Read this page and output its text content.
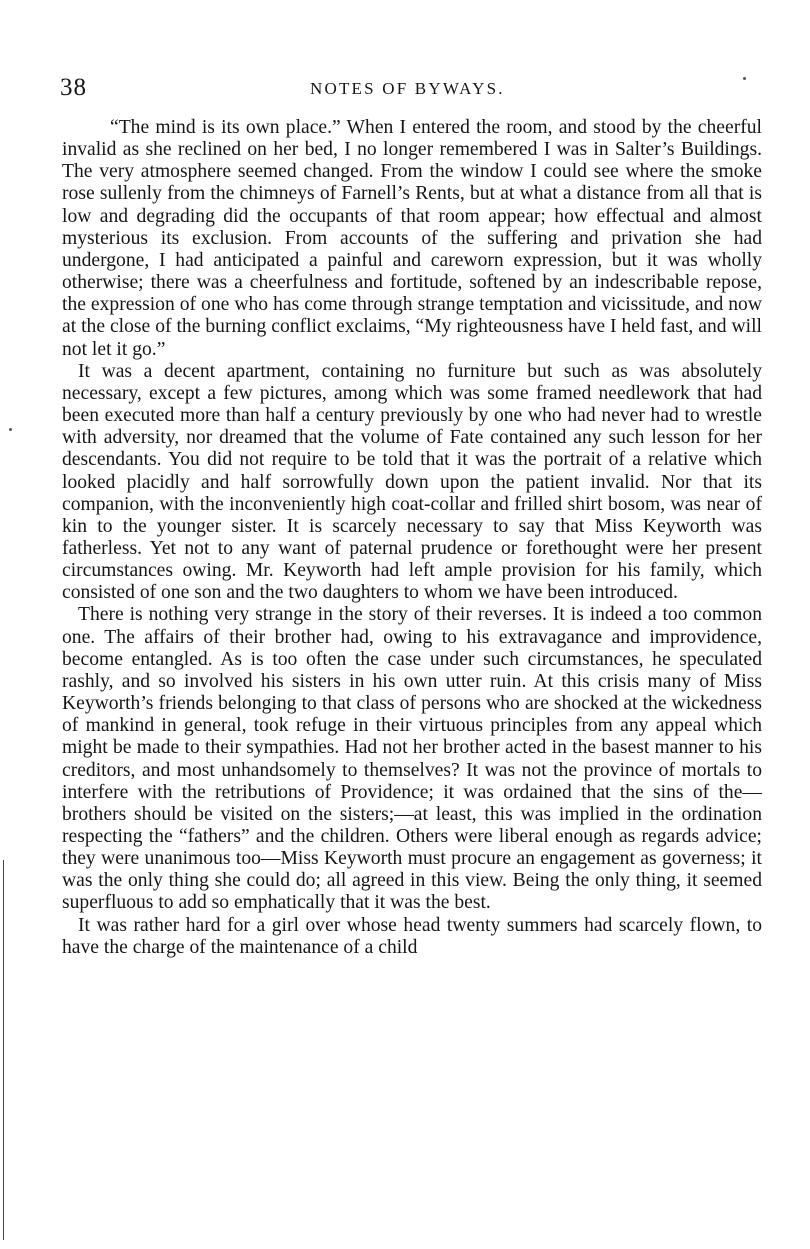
38	NOTES OF BYWAYS.

“The mind is its own place.” When I entered the room, and stood by the cheerful invalid as she reclined on her bed, I no longer remembered I was in Salter’s Buildings. The very atmosphere seemed changed. From the window I could see where the smoke rose sullenly from the chimneys of Farnell’s Rents, but at what a distance from all that is low and degrading did the occupants of that room appear; how effectual and almost mysterious its exclusion. From accounts of the suffering and privation she had undergone, I had anticipated a painful and careworn expression, but it was wholly otherwise; there was a cheerfulness and fortitude, softened by an indescribable repose, the expression of one who has come through strange temptation and vicissitude, and now at the close of the burning conflict exclaims, “My righteousness have I held fast, and will not let it go.”

It was a decent apartment, containing no furniture but such as was absolutely necessary, except a few pictures, among which was some framed needlework that had been executed more than half a century previously by one who had never had to wrestle with adversity, nor dreamed that the volume of Fate contained any such lesson for her descendants. You did not require to be told that it was the portrait of a relative which looked placidly and half sorrowfully down upon the patient invalid. Nor that its companion, with the inconveniently high coat-collar and frilled shirt bosom, was near of kin to the younger sister. It is scarcely necessary to say that Miss Keyworth was fatherless. Yet not to any want of paternal prudence or forethought were her present circumstances owing. Mr. Keyworth had left ample provision for his family, which consisted of one son and the two daughters to whom we have been introduced.

There is nothing very strange in the story of their reverses. It is indeed a too common one. The affairs of their brother had, owing to his extravagance and improvidence, become entangled. As is too often the case under such circumstances, he speculated rashly, and so involved his sisters in his own utter ruin. At this crisis many of Miss Keyworth’s friends belonging to that class of persons who are shocked at the wickedness of mankind in general, took refuge in their virtuous principles from any appeal which might be made to their sympathies. Had not her brother acted in the basest manner to his creditors, and most unhandsomely to themselves? It was not the province of mortals to interfere with the retributions of Providence; it was ordained that the sins of the—brothers should be visited on the sisters;—at least, this was implied in the ordination respecting the “fathers” and the children. Others were liberal enough as regards advice; they were unanimous too—Miss Keyworth must procure an engagement as governess; it was the only thing she could do; all agreed in this view. Being the only thing, it seemed superfluous to add so emphatically that it was the best.

It was rather hard for a girl over whose head twenty summers had scarcely flown, to have the charge of the maintenance of a child
